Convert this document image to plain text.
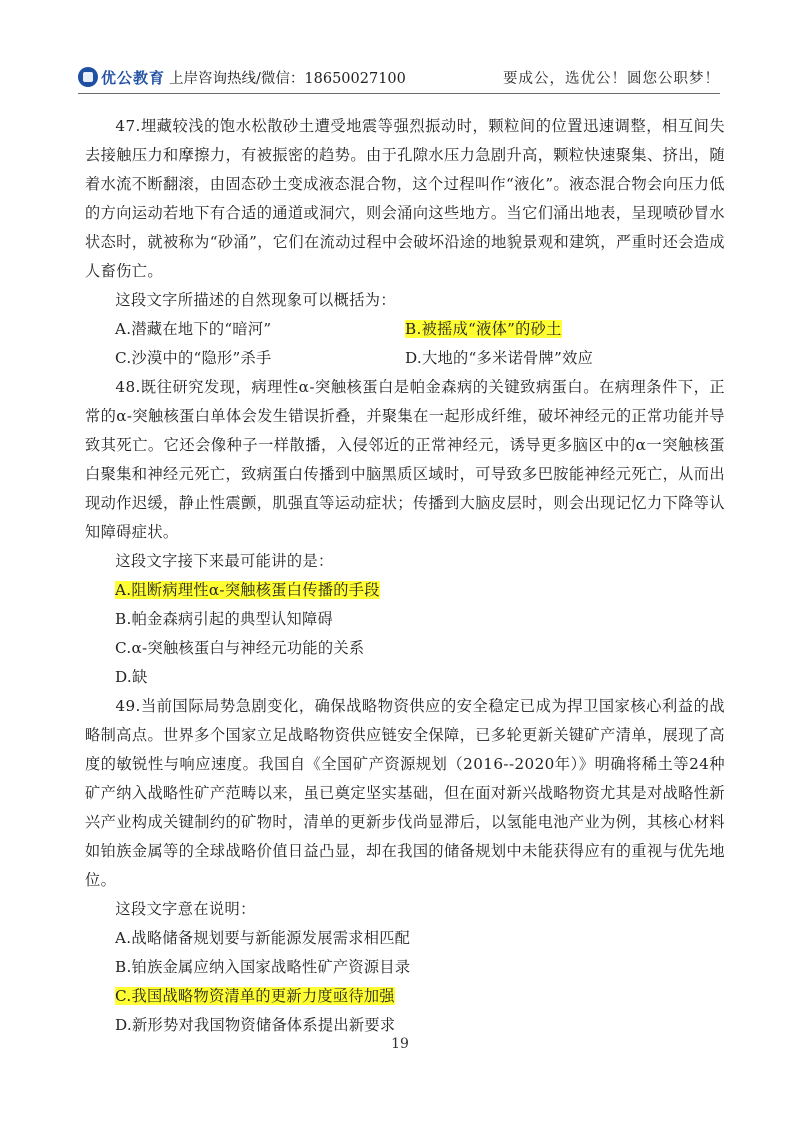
优公教育 上岸咨询热线/微信：18650027100	要成公，选优公！圆您公职梦！

47.埋藏较浅的饱水松散砂土遭受地震等强烈振动时，颗粒间的位置迅速调整，相互间失去接触压力和摩擦力，有被振密的趋势。由于孔隙水压力急剧升高，颗粒快速聚集、挤出，随着水流不断翻滚，由固态砂土变成液态混合物，这个过程叫作“液化”。液态混合物会向压力低的方向运动若地下有合适的通道或洞穴，则会涌向这些地方。当它们涌出地表，呈现喷砂冒水状态时，就被称为“砂涌”，它们在流动过程中会破坏沿途的地貌景观和建筑，严重时还会造成人畜伤亡。

这段文字所描述的自然现象可以概括为：

A.潜藏在地下的“暗河”	B.被摇成“液体”的砂土
C.沙漠中的“隐形”杀手	D.大地的“多米诺骨牌”效应

48.既往研究发现，病理性α-突触核蛋白是帕金森病的关键致病蛋白。在病理条件下，正常的α-突触核蛋白单体会发生错误折叠，并聚集在一起形成纤维，破坏神经元的正常功能并导致其死亡。它还会像种子一样散播，入侵邻近的正常神经元，诱导更多脑区中的α一突触核蛋白聚集和神经元死亡，致病蛋白传播到中脑黑质区域时，可导致多巴胺能神经元死亡，从而出现动作迟缓，静止性震颤，肌强直等运动症状；传播到大脑皮层时，则会出现记忆力下降等认知障碍症状。

这段文字接下来最可能讲的是：

A.阻断病理性α-突触核蛋白传播的手段

B.帕金森病引起的典型认知障碍

C.α-突触核蛋白与神经元功能的关系

D.缺

49.当前国际局势急剧变化，确保战略物资供应的安全稳定已成为捍卫国家核心利益的战略制高点。世界多个国家立足战略物资供应链安全保障，已多轮更新关键矿产清单，展现了高度的敏锐性与响应速度。我国自《全国矿产资源规划（2016--2020年）》明确将稀土等24种矿产纳入战略性矿产范畴以来，虽已奠定坚实基础，但在面对新兴战略物资尤其是对战略性新兴产业构成关键制约的矿物时，清单的更新步伐尚显滞后，以氢能电池产业为例，其核心材料如铂族金属等的全球战略价值日益凸显，却在我国的储备规划中未能获得应有的重视与优先地位。

这段文字意在说明：

A.战略储备规划要与新能源发展需求相匹配

B.铂族金属应纳入国家战略性矿产资源目录

C.我国战略物资清单的更新力度亟待加强

D.新形势对我国物资储备体系提出新要求

19
